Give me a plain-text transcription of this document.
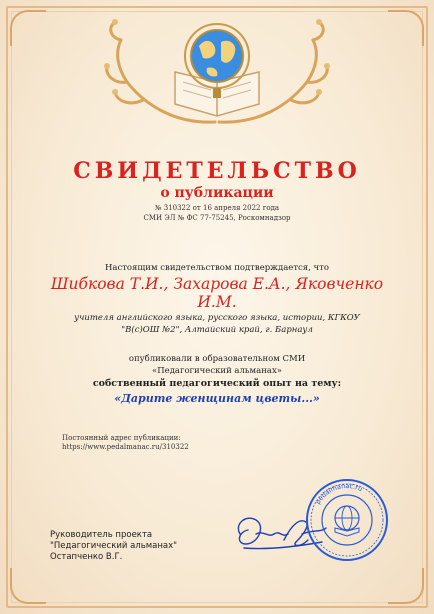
СВИДЕТЕЛЬСТВО
о публикации
№ 310322 от 16 апреля 2022 года
СМИ ЭЛ № ФС 77-75245, Роскомнадзор
Настоящим свидетельством подтверждается, что
Шибкова Т.И., Захарова Е.А., Яковченко И.М.
учителя английского языка, русского языка, истории, КГКОУ "В(с)ОШ №2", Алтайский край, г. Барнаул
опубликовали в образовательном СМИ
«Педагогический альманах»
собственный педагогический опыт на тему:
«Дарите женщинам цветы...»
Постоянный адрес публикации:
https://www.pedalmanac.ru/310322
Руководитель проекта
"Педагогический альманах"
Остапченко В.Г.
pedalmanac.ru
